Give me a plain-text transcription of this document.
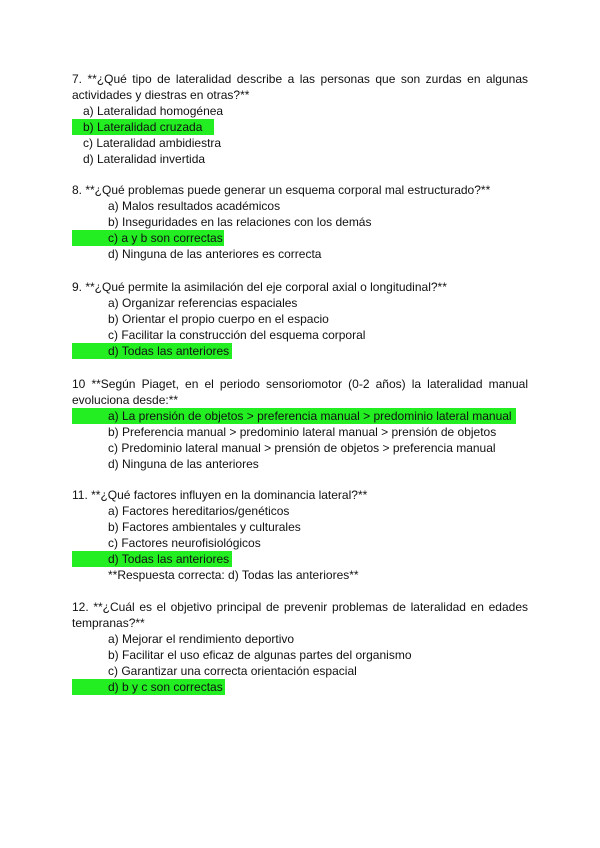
7. **¿Qué tipo de lateralidad describe a las personas que son zurdas en algunas
actividades y diestras en otras?**
a) Lateralidad homogénea
b) Lateralidad cruzada
c) Lateralidad ambidiestra
d) Lateralidad invertida
8. **¿Qué problemas puede generar un esquema corporal mal estructurado?**
a) Malos resultados académicos
b) Inseguridades en las relaciones con los demás
c) a y b son correctas
d) Ninguna de las anteriores es correcta
9. **¿Qué permite la asimilación del eje corporal axial o longitudinal?**
a) Organizar referencias espaciales
b) Orientar el propio cuerpo en el espacio
c) Facilitar la construcción del esquema corporal
d) Todas las anteriores
10 **Según Piaget, en el periodo sensoriomotor (0-2 años) la lateralidad manual
evoluciona desde:**
a) La prensión de objetos > preferencia manual > predominio lateral manual
b) Preferencia manual > predominio lateral manual > prensión de objetos
c) Predominio lateral manual > prensión de objetos > preferencia manual
d) Ninguna de las anteriores
11. **¿Qué factores influyen en la dominancia lateral?**
a) Factores hereditarios/genéticos
b) Factores ambientales y culturales
c) Factores neurofisiológicos
d) Todas las anteriores
**Respuesta correcta: d) Todas las anteriores**
12. **¿Cuál es el objetivo principal de prevenir problemas de lateralidad en edades
tempranas?**
a) Mejorar el rendimiento deportivo
b) Facilitar el uso eficaz de algunas partes del organismo
c) Garantizar una correcta orientación espacial
d) b y c son correctas
